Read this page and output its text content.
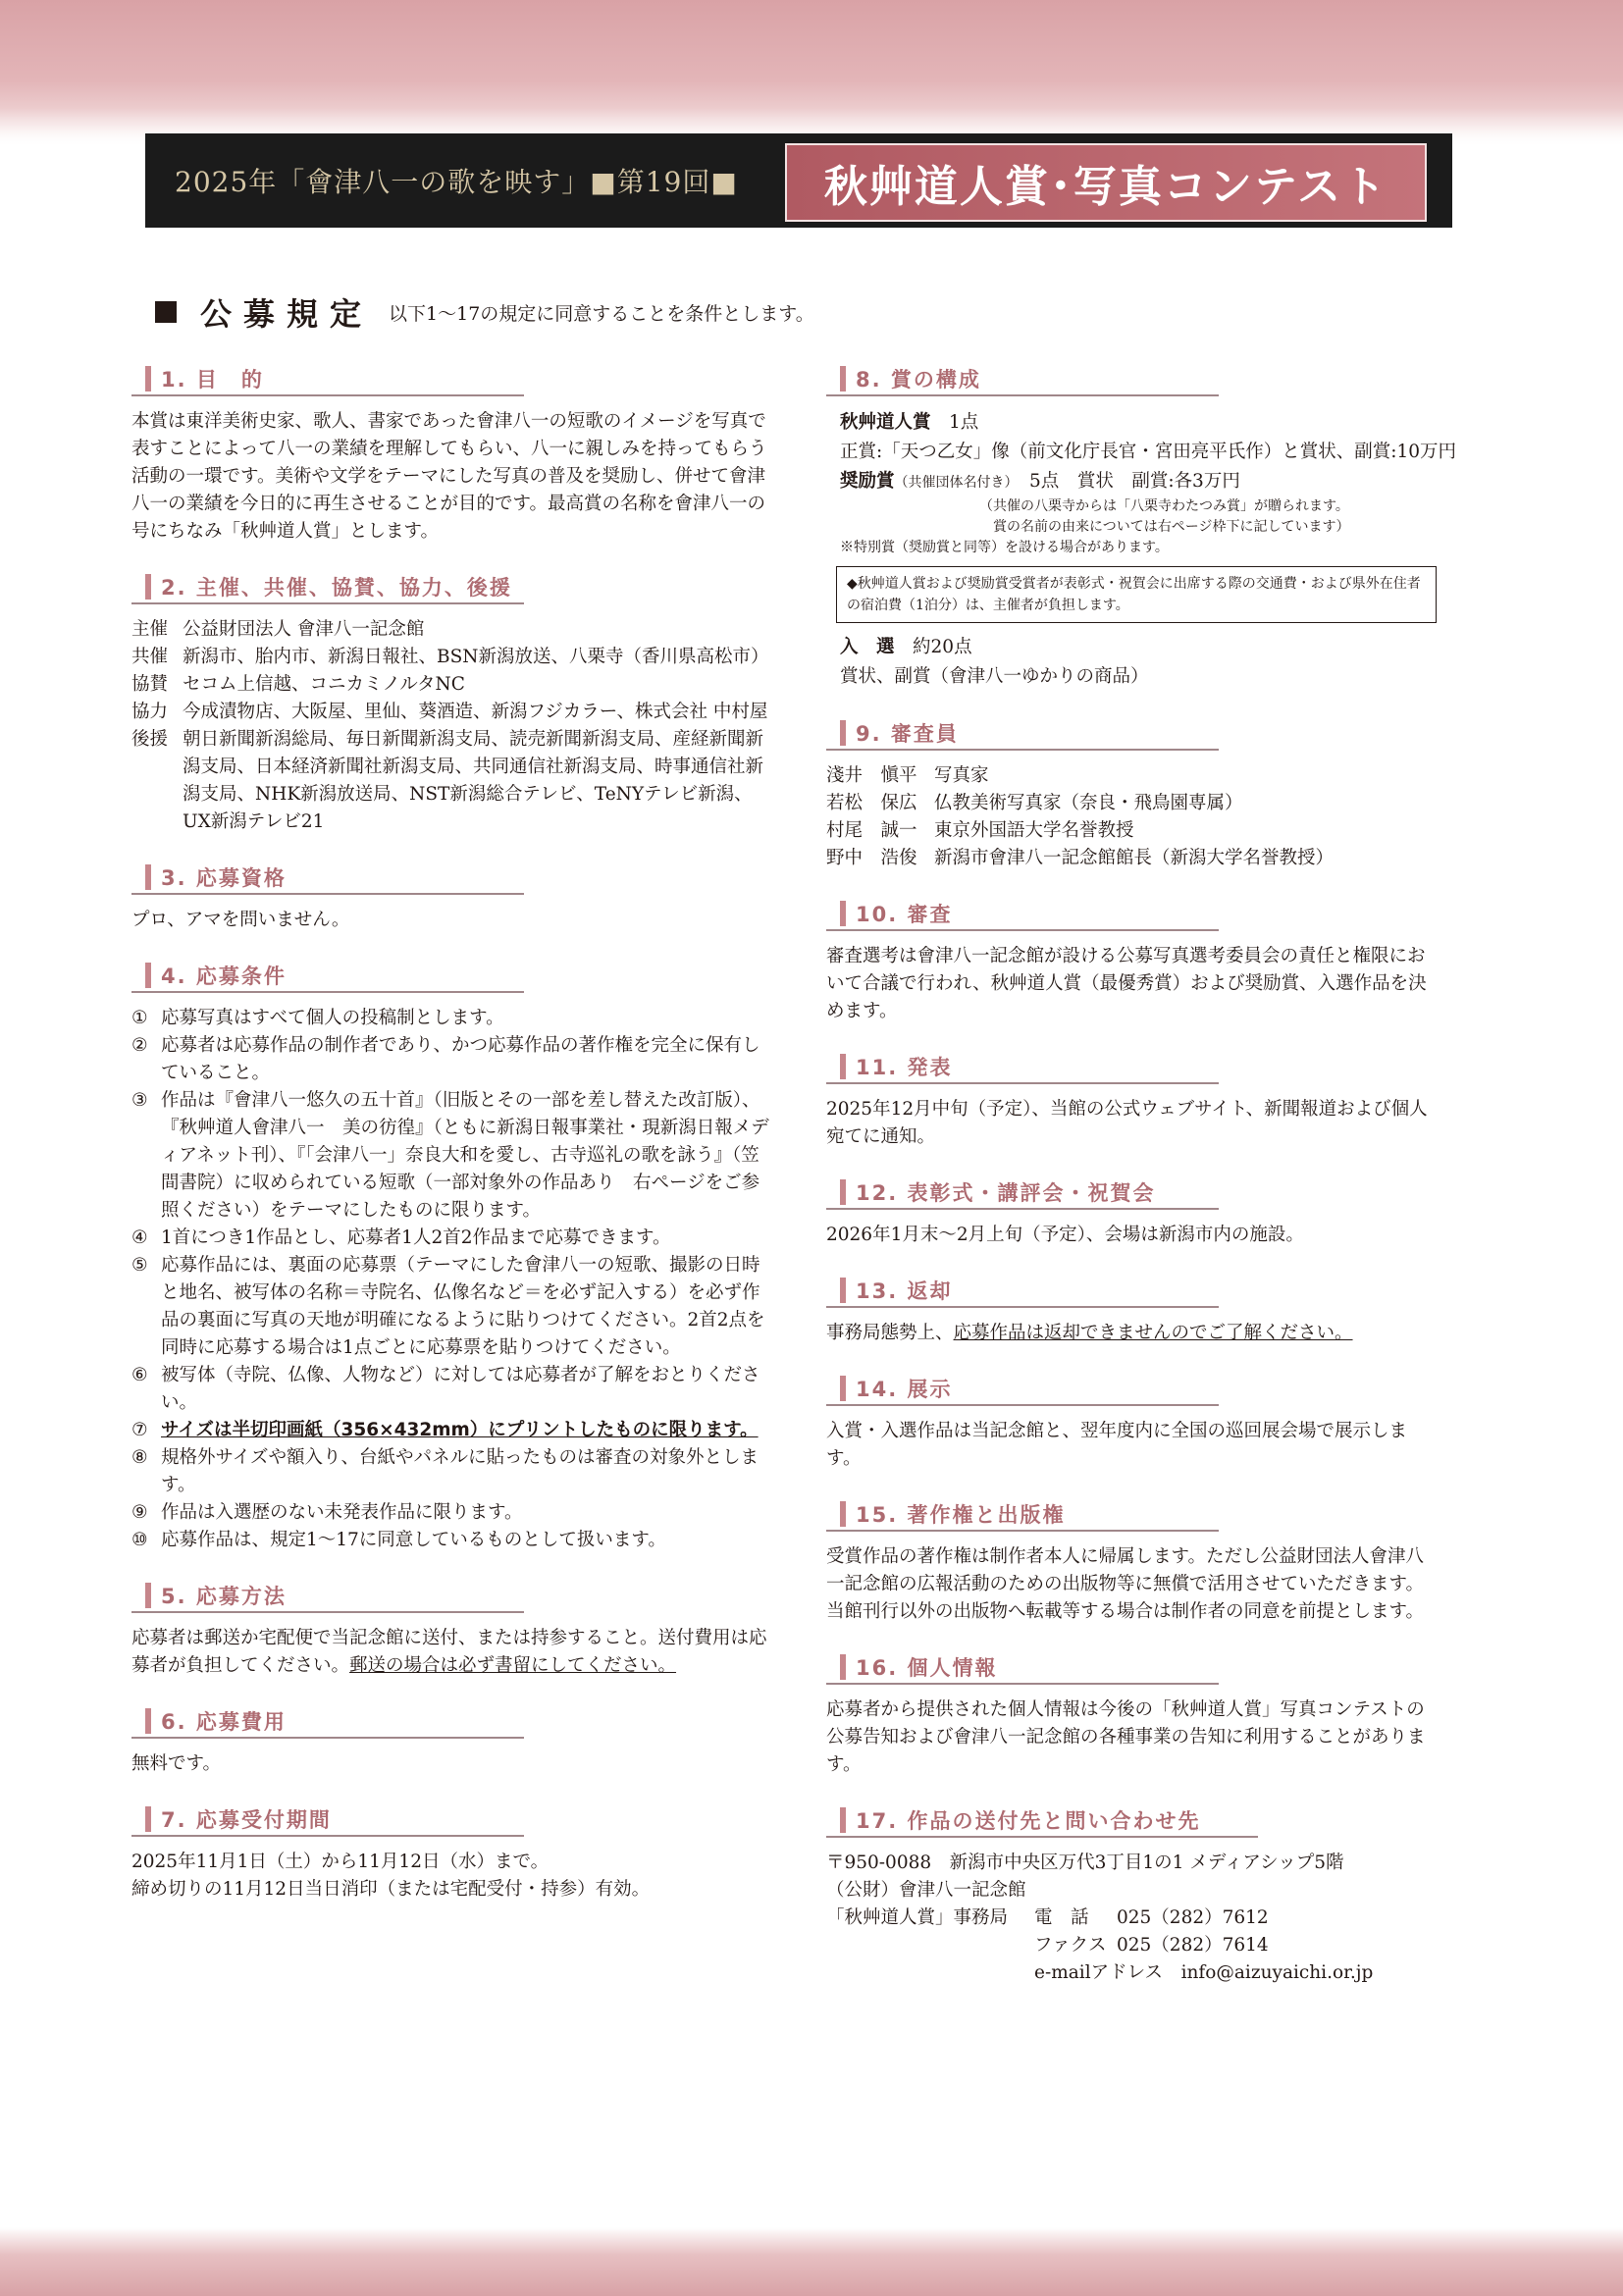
2025年「會津八一の歌を映す」■第19回■	秋艸道人賞･写真コンテスト
公募規定 以下1〜17の規定に同意することを条件とします。
1. 目　的
本賞は東洋美術史家、歌人、書家であった會津八一の短歌のイメージを写真で表すことによって八一の業績を理解してもらい、八一に親しみを持ってもらう活動の一環です。美術や文学をテーマにした写真の普及を奨励し、併せて會津八一の業績を今日的に再生させることが目的です。最高賞の名称を會津八一の号にちなみ「秋艸道人賞」とします。
2. 主催、共催、協賛、協力、後援
主催	公益財団法人 會津八一記念館
共催	新潟市、胎内市、新潟日報社、BSN新潟放送、八栗寺（香川県高松市）
協賛	セコム上信越、コニカミノルタNC
協力	今成漬物店、大阪屋、里仙、葵酒造、新潟フジカラー、株式会社 中村屋
後援	朝日新聞新潟総局、毎日新聞新潟支局、読売新聞新潟支局、産経新聞新潟支局、日本経済新聞社新潟支局、共同通信社新潟支局、時事通信社新潟支局、NHK新潟放送局、NST新潟総合テレビ、TeNYテレビ新潟、UX新潟テレビ21
3. 応募資格
プロ、アマを問いません。
4. 応募条件
① 応募写真はすべて個人の投稿制とします。
② 応募者は応募作品の制作者であり、かつ応募作品の著作権を完全に保有していること。
③ 作品は『會津八一悠久の五十首』（旧版とその一部を差し替えた改訂版）、『秋艸道人會津八一　美の彷徨』（ともに新潟日報事業社・現新潟日報メディアネット刊）、『「会津八一」奈良大和を愛し、古寺巡礼の歌を詠う』（笠間書院）に収められている短歌（一部対象外の作品あり　右ページをご参照ください）をテーマにしたものに限ります。
④ 1首につき1作品とし、応募者1人2首2作品まで応募できます。
⑤ 応募作品には、裏面の応募票（テーマにした會津八一の短歌、撮影の日時と地名、被写体の名称＝寺院名、仏像名など＝を必ず記入する）を必ず作品の裏面に写真の天地が明確になるように貼りつけてください。2首2点を同時に応募する場合は1点ごとに応募票を貼りつけてください。
⑥ 被写体（寺院、仏像、人物など）に対しては応募者が了解をおとりください。
⑦ サイズは半切印画紙（356×432mm）にプリントしたものに限ります。
⑧ 規格外サイズや額入り、台紙やパネルに貼ったものは審査の対象外とします。
⑨ 作品は入選歴のない未発表作品に限ります。
⑩ 応募作品は、規定1〜17に同意しているものとして扱います。
5. 応募方法
応募者は郵送か宅配便で当記念館に送付、または持参すること。送付費用は応募者が負担してください。郵送の場合は必ず書留にしてください。
6. 応募費用
無料です。
7. 応募受付期間
2025年11月1日（土）から11月12日（水）まで。
締め切りの11月12日当日消印（または宅配受付・持参）有効。
8. 賞の構成
秋艸道人賞　 1点
正賞:「天つ乙女」像（前文化庁長官・宮田亮平氏作）と賞状、副賞:10万円
奨励賞（共催団体名付き）　 5点　 賞状　副賞:各3万円
（共催の八栗寺からは「八栗寺わたつみ賞」が贈られます。
賞の名前の由来については右ページ枠下に記しています）
※特別賞（奨励賞と同等）を設ける場合があります。
◆秋艸道人賞および奨励賞受賞者が表彰式・祝賀会に出席する際の交通費・および県外在住者の宿泊費（1泊分）は、主催者が負担します。
入　選　 約20点
賞状、副賞（會津八一ゆかりの商品）
9. 審査員
淺井　愼平	写真家
若松　保広	仏教美術写真家（奈良・飛鳥園専属）
村尾　誠一	東京外国語大学名誉教授
野中　浩俊	新潟市會津八一記念館館長（新潟大学名誉教授）
10. 審査
審査選考は會津八一記念館が設ける公募写真選考委員会の責任と権限において合議で行われ、秋艸道人賞（最優秀賞）および奨励賞、入選作品を決めます。
11. 発表
2025年12月中旬（予定）、当館の公式ウェブサイト、新聞報道および個人宛てに通知。
12. 表彰式・講評会・祝賀会
2026年1月末〜2月上旬（予定）、会場は新潟市内の施設。
13. 返却
事務局態勢上、応募作品は返却できませんのでご了解ください。
14. 展示
入賞・入選作品は当記念館と、翌年度内に全国の巡回展会場で展示します。
15. 著作権と出版権
受賞作品の著作権は制作者本人に帰属します。ただし公益財団法人會津八一記念館の広報活動のための出版物等に無償で活用させていただきます。当館刊行以外の出版物へ転載等する場合は制作者の同意を前提とします。
16. 個人情報
応募者から提供された個人情報は今後の「秋艸道人賞」写真コンテストの公募告知および會津八一記念館の各種事業の告知に利用することがあります。
17. 作品の送付先と問い合わせ先
〒950-0088　新潟市中央区万代3丁目1の1 メディアシップ5階
（公財）會津八一記念館
「秋艸道人賞」事務局	電　話	025（282）7612
	ファクス	025（282）7614
	e-mailアドレス　 info@aizuyaichi.or.jp	
